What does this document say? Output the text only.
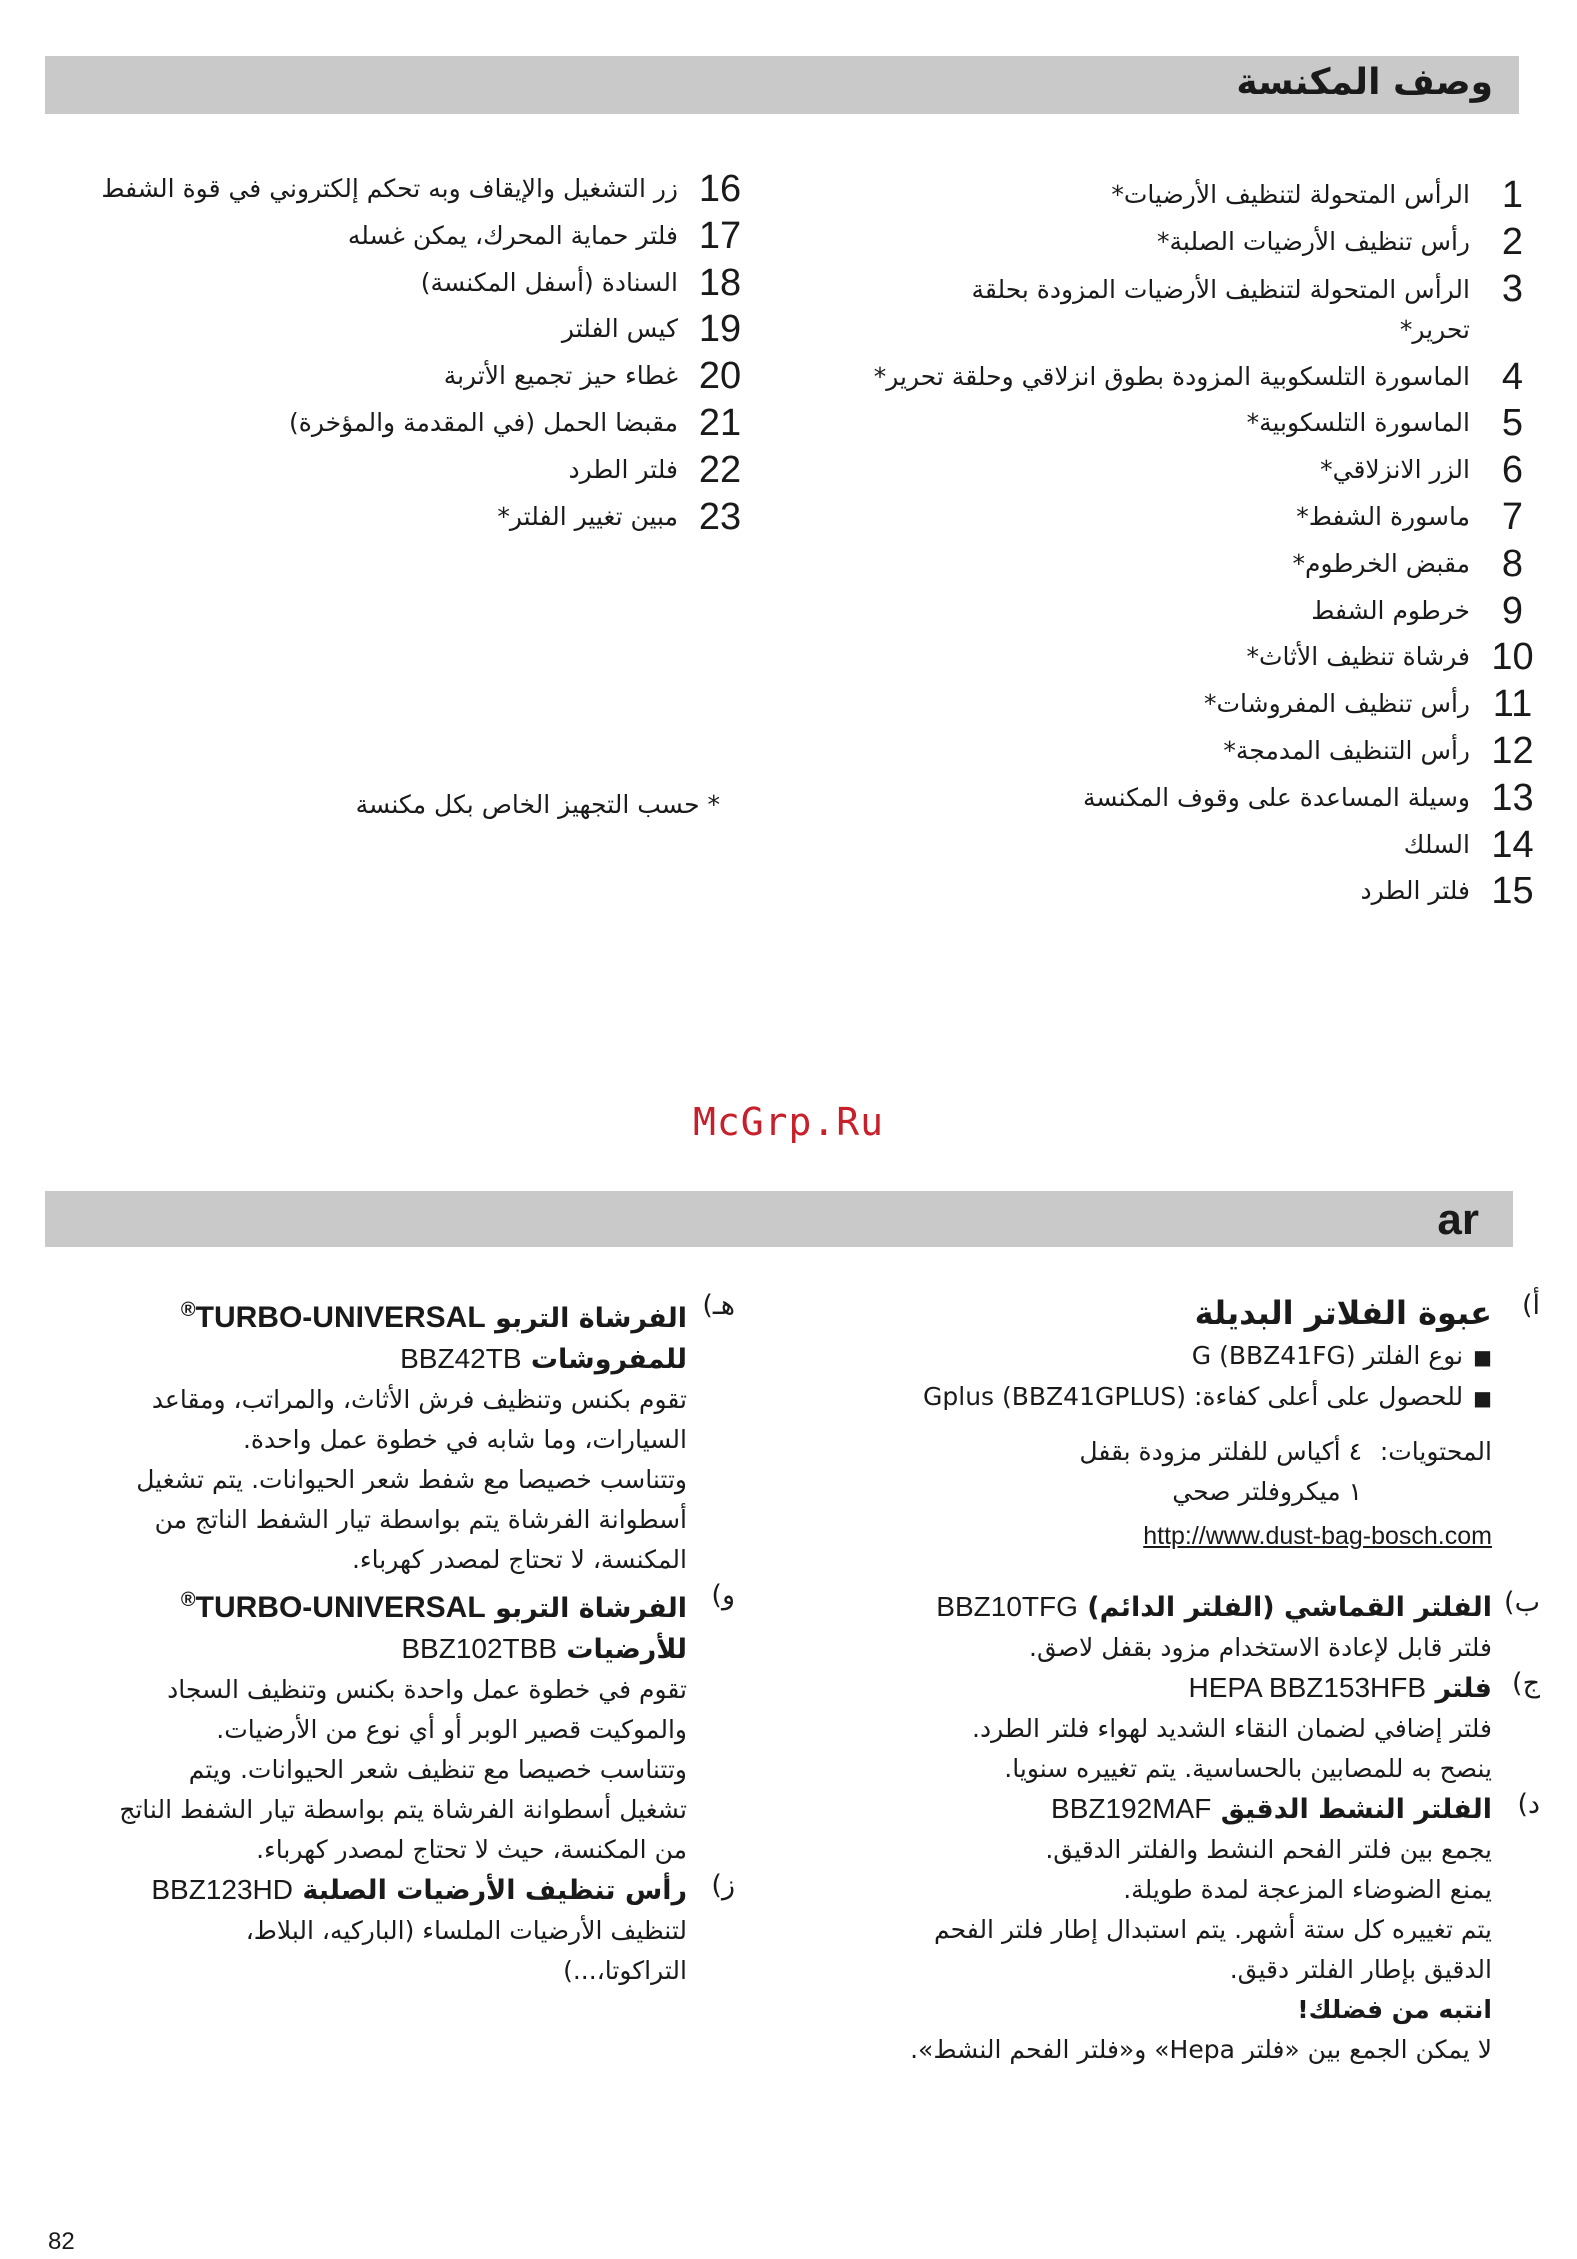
وصف المكنسة
1
الرأس المتحولة لتنظيف الأرضيات*
2
رأس تنظيف الأرضيات الصلبة*
3
الرأس المتحولة لتنظيف الأرضيات المزودة بحلقة تحرير*
4
الماسورة التلسكوبية المزودة بطوق انزلاقي وحلقة تحرير*
5
الماسورة التلسكوبية*
6
الزر الانزلاقي*
7
ماسورة الشفط*
8
مقبض الخرطوم*
9
خرطوم الشفط
10
فرشاة تنظيف الأثاث*
11
رأس تنظيف المفروشات*
12
رأس التنظيف المدمجة*
13
وسيلة المساعدة على وقوف المكنسة
14
السلك
15
فلتر الطرد
16
زر التشغيل والإيقاف وبه تحكم إلكتروني في قوة الشفط
17
فلتر حماية المحرك، يمكن غسله
18
السنادة (أسفل المكنسة)
19
كيس الفلتر
20
غطاء حيز تجميع الأتربة
21
مقبضا الحمل (في المقدمة والمؤخرة)
22
فلتر الطرد
23
مبين تغيير الفلتر*
* حسب التجهيز الخاص بكل مكنسة
McGrp.Ru
ar
أ)
عبوة الفلاتر البديلة
■ نوع الفلتر G (BBZ41FG)
■ للحصول على أعلى كفاءة: Gplus (BBZ41GPLUS)
المحتويات:
٤ أكياس للفلتر مزودة بقفل
١ ميكروفلتر صحي
http://www.dust-bag-bosch.com
ب)
الفلتر القماشي (الفلتر الدائم) BBZ10TFG
فلتر قابل لإعادة الاستخدام مزود بقفل لاصق.
ج)
فلتر HEPA BBZ153HFB
فلتر إضافي لضمان النقاء الشديد لهواء فلتر الطرد.
ينصح به للمصابين بالحساسية. يتم تغييره سنويا.
د)
الفلتر النشط الدقيق BBZ192MAF
يجمع بين فلتر الفحم النشط والفلتر الدقيق.
يمنع الضوضاء المزعجة لمدة طويلة.
يتم تغييره كل ستة أشهر. يتم استبدال إطار فلتر الفحم
الدقيق بإطار الفلتر دقيق.
انتبه من فضلك!
لا يمكن الجمع بين «فلتر Hepa» و«فلتر الفحم النشط».
هـ)
الفرشاة التربو TURBO-UNIVERSAL®
للمفروشات BBZ42TB
تقوم بكنس وتنظيف فرش الأثاث، والمراتب، ومقاعد
السيارات، وما شابه في خطوة عمل واحدة.
وتتناسب خصيصا مع شفط شعر الحيوانات. يتم تشغيل
أسطوانة الفرشاة يتم بواسطة تيار الشفط الناتج من
المكنسة، لا تحتاج لمصدر كهرباء.
و)
الفرشاة التربو TURBO-UNIVERSAL®
للأرضيات BBZ102TBB
تقوم في خطوة عمل واحدة بكنس وتنظيف السجاد
والموكيت قصير الوبر أو أي نوع من الأرضيات.
وتتناسب خصيصا مع تنظيف شعر الحيوانات. ويتم
تشغيل أسطوانة الفرشاة يتم بواسطة تيار الشفط الناتج
من المكنسة، حيث لا تحتاج لمصدر كهرباء.
ز)
رأس تنظيف الأرضيات الصلبة BBZ123HD
لتنظيف الأرضيات الملساء (الباركيه، البلاط،
التراكوتا،...)
82
